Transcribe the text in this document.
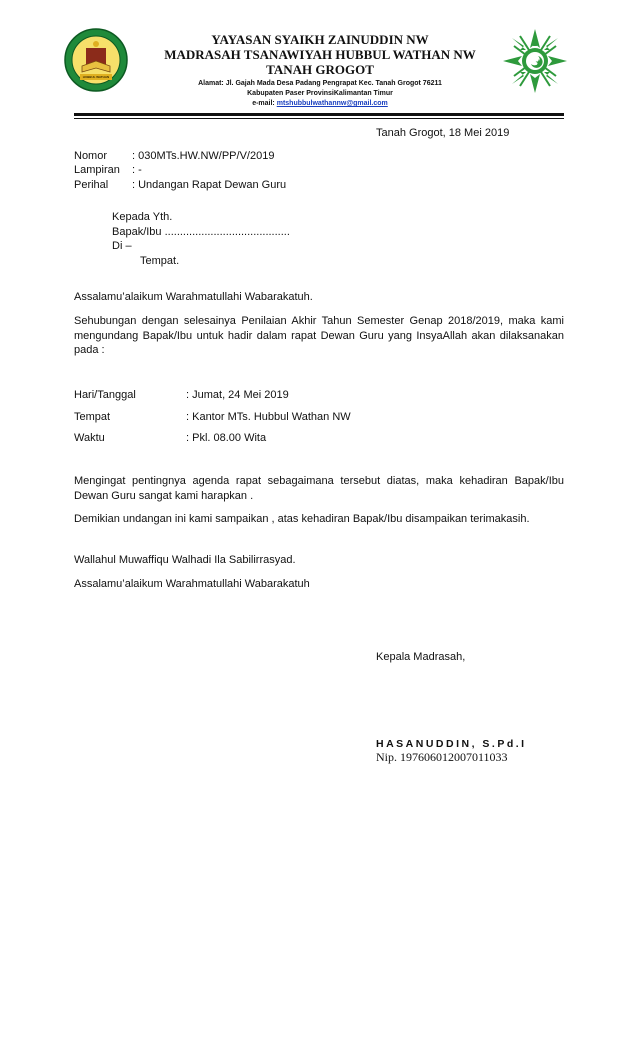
HUBBUL WATHAN
YAYASAN SYAIKH ZAINUDDIN NW
MADRASAH TSANAWIYAH HUBBUL WATHAN NW
TANAH GROGOT
Alamat: Jl. Gajah Mada Desa Padang Pengrapat Kec. Tanah Grogot 76211
Kabupaten Paser ProvinsiKalimantan Timur
e-mail: mtshubbulwathannw@gmail.com
Tanah Grogot, 18 Mei 2019
Nomor : 030MTs.HW.NW/PP/V/2019
Lampiran : -
Perihal : Undangan Rapat Dewan Guru
Kepada Yth.
Bapak/Ibu .........................................
Di –
Tempat.
Assalamu’alaikum Warahmatullahi Wabarakatuh.
Sehubungan dengan selesainya Penilaian Akhir Tahun Semester Genap 2018/2019, maka kami mengundang Bapak/Ibu untuk hadir dalam rapat Dewan Guru yang InsyaAllah akan dilaksanakan pada :
Hari/Tanggal	: Jumat, 24 Mei 2019
Tempat	: Kantor MTs. Hubbul Wathan NW
Waktu	: Pkl. 08.00 Wita
Mengingat pentingnya agenda rapat sebagaimana tersebut diatas, maka kehadiran Bapak/Ibu Dewan Guru sangat kami harapkan .
Demikian undangan ini kami sampaikan , atas kehadiran Bapak/Ibu disampaikan terimakasih.
Wallahul Muwaffiqu Walhadi Ila Sabilirrasyad.
Assalamu’alaikum Warahmatullahi Wabarakatuh
Kepala Madrasah,
HASANUDDIN, S.Pd.I
Nip. 197606012007011033
